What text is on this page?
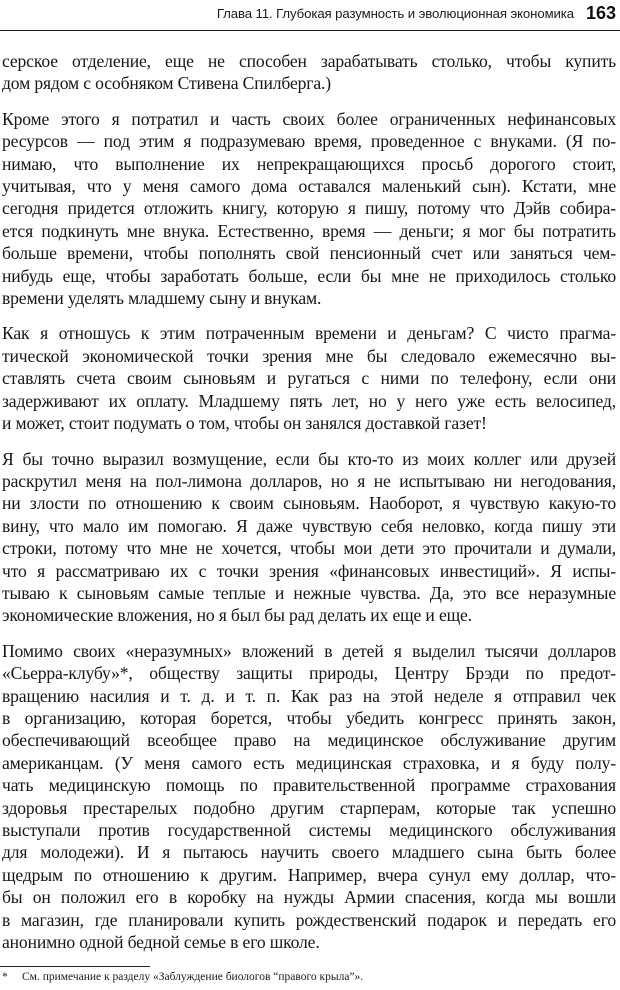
Глава 11. Глубокая разумность и эволюционная экономика 163

серское отделение, еще не способен зарабатывать столько, чтобы купить
дом рядом с особняком Стивена Спилберга.)

Кроме этого я потратил и часть своих более ограниченных нефинансовых
ресурсов — под этим я подразумеваю время, проведенное с внуками. (Я по-
нимаю, что выполнение их непрекращающихся просьб дорогого стоит,
учитывая, что у меня самого дома оставался маленький сын). Кстати, мне
сегодня придется отложить книгу, которую я пишу, потому что Дэйв собира-
ется подкинуть мне внука. Естественно, время — деньги; я мог бы потратить
больше времени, чтобы пополнять свой пенсионный счет или заняться чем-
нибудь еще, чтобы заработать больше, если бы мне не приходилось столько
времени уделять младшему сыну и внукам.

Как я отношусь к этим потраченным времени и деньгам? С чисто прагма-
тической экономической точки зрения мне бы следовало ежемесячно вы-
ставлять счета своим сыновьям и ругаться с ними по телефону, если они
задерживают их оплату. Младшему пять лет, но у него уже есть велосипед,
и может, стоит подумать о том, чтобы он занялся доставкой газет!

Я бы точно выразил возмущение, если бы кто-то из моих коллег или друзей
раскрутил меня на пол-лимона долларов, но я не испытываю ни негодования,
ни злости по отношению к своим сыновьям. Наоборот, я чувствую какую-то
вину, что мало им помогаю. Я даже чувствую себя неловко, когда пишу эти
строки, потому что мне не хочется, чтобы мои дети это прочитали и думали,
что я рассматриваю их с точки зрения «финансовых инвестиций». Я испы-
тываю к сыновьям самые теплые и нежные чувства. Да, это все неразумные
экономические вложения, но я был бы рад делать их еще и еще.

Помимо своих «неразумных» вложений в детей я выделил тысячи долларов
«Сьерра-клубу»*, обществу защиты природы, Центру Брэди по предот-
вращению насилия и т. д. и т. п. Как раз на этой неделе я отправил чек
в организацию, которая борется, чтобы убедить конгресс принять закон,
обеспечивающий всеобщее право на медицинское обслуживание другим
американцам. (У меня самого есть медицинская страховка, и я буду полу-
чать медицинскую помощь по правительственной программе страхования
здоровья престарелых подобно другим старперам, которые так успешно
выступали против государственной системы медицинского обслуживания
для молодежи). И я пытаюсь научить своего младшего сына быть более
щедрым по отношению к другим. Например, вчера сунул ему доллар, что-
бы он положил его в коробку на нужды Армии спасения, когда мы вошли
в магазин, где планировали купить рождественский подарок и передать его
анонимно одной бедной семье в его школе.

* См. примечание к разделу «Заблуждение биологов “правого крыла”».
